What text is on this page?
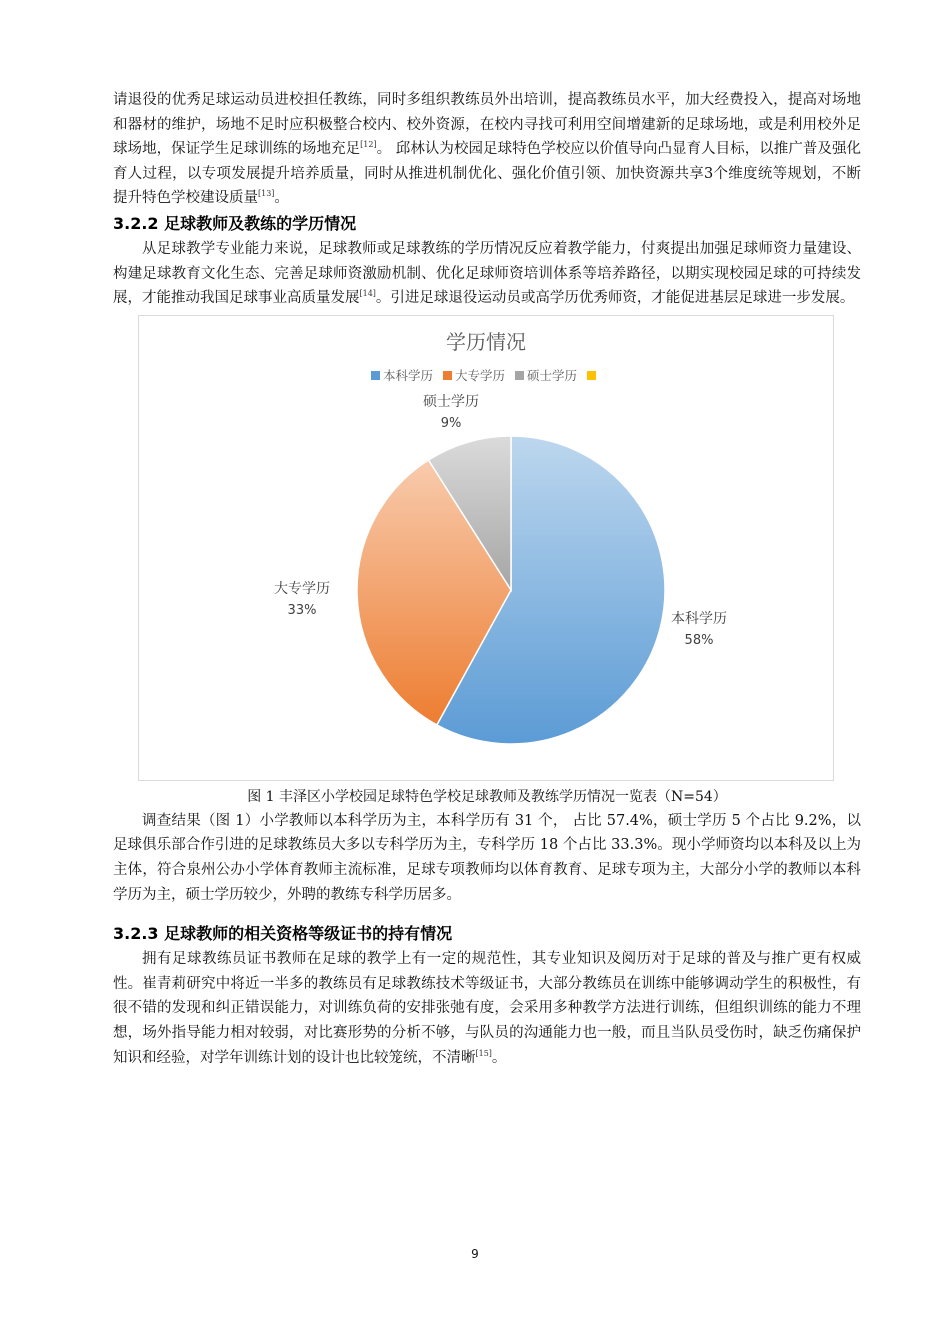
请退役的优秀足球运动员进校担任教练，同时多组织教练员外出培训，提高教练员水平，加大经费投入，提高对场地和器材的维护，场地不足时应积极整合校内、校外资源，在校内寻找可利用空间增建新的足球场地，或是利用校外足球场地，保证学生足球训练的场地充足[12]。 邱林认为校园足球特色学校应以价值导向凸显育人目标，以推广普及强化育人过程，以专项发展提升培养质量，同时从推进机制优化、强化价值引领、加快资源共享3个维度统等规划，不断提升特色学校建设质量[13]。

3.2.2 足球教师及教练的学历情况

从足球教学专业能力来说，足球教师或足球教练的学历情况反应着教学能力，付爽提出加强足球师资力量建设、构建足球教育文化生态、完善足球师资激励机制、优化足球师资培训体系等培养路径，以期实现校园足球的可持续发展，才能推动我国足球事业高质量发展[14]。引进足球退役运动员或高学历优秀师资，才能促进基层足球进一步发展。

学历情况
本科学历 大专学历 硕士学历
本科学历
58%
大专学历
33%
硕士学历
9%
图 1 丰泽区小学校园足球特色学校足球教师及教练学历情况一览表（N=54）

调查结果（图 1）小学教师以本科学历为主，本科学历有 31 个， 占比 57.4%，硕士学历 5 个占比 9.2%，以足球俱乐部合作引进的足球教练员大多以专科学历为主，专科学历 18 个占比 33.3%。现小学师资均以本科及以上为主体，符合泉州公办小学体育教师主流标准，足球专项教师均以体育教育、足球专项为主，大部分小学的教师以本科学历为主，硕士学历较少，外聘的教练专科学历居多。

3.2.3 足球教师的相关资格等级证书的持有情况

拥有足球教练员证书教师在足球的教学上有一定的规范性，其专业知识及阅历对于足球的普及与推广更有权威性。崔青莉研究中将近一半多的教练员有足球教练技术等级证书，大部分教练员在训练中能够调动学生的积极性，有很不错的发现和纠正错误能力，对训练负荷的安排张弛有度，会采用多种教学方法进行训练，但组织训练的能力不理想，场外指导能力相对较弱，对比赛形势的分析不够，与队员的沟通能力也一般，而且当队员受伤时，缺乏伤痛保护知识和经验，对学年训练计划的设计也比较笼统，不清晰[15]。

9
